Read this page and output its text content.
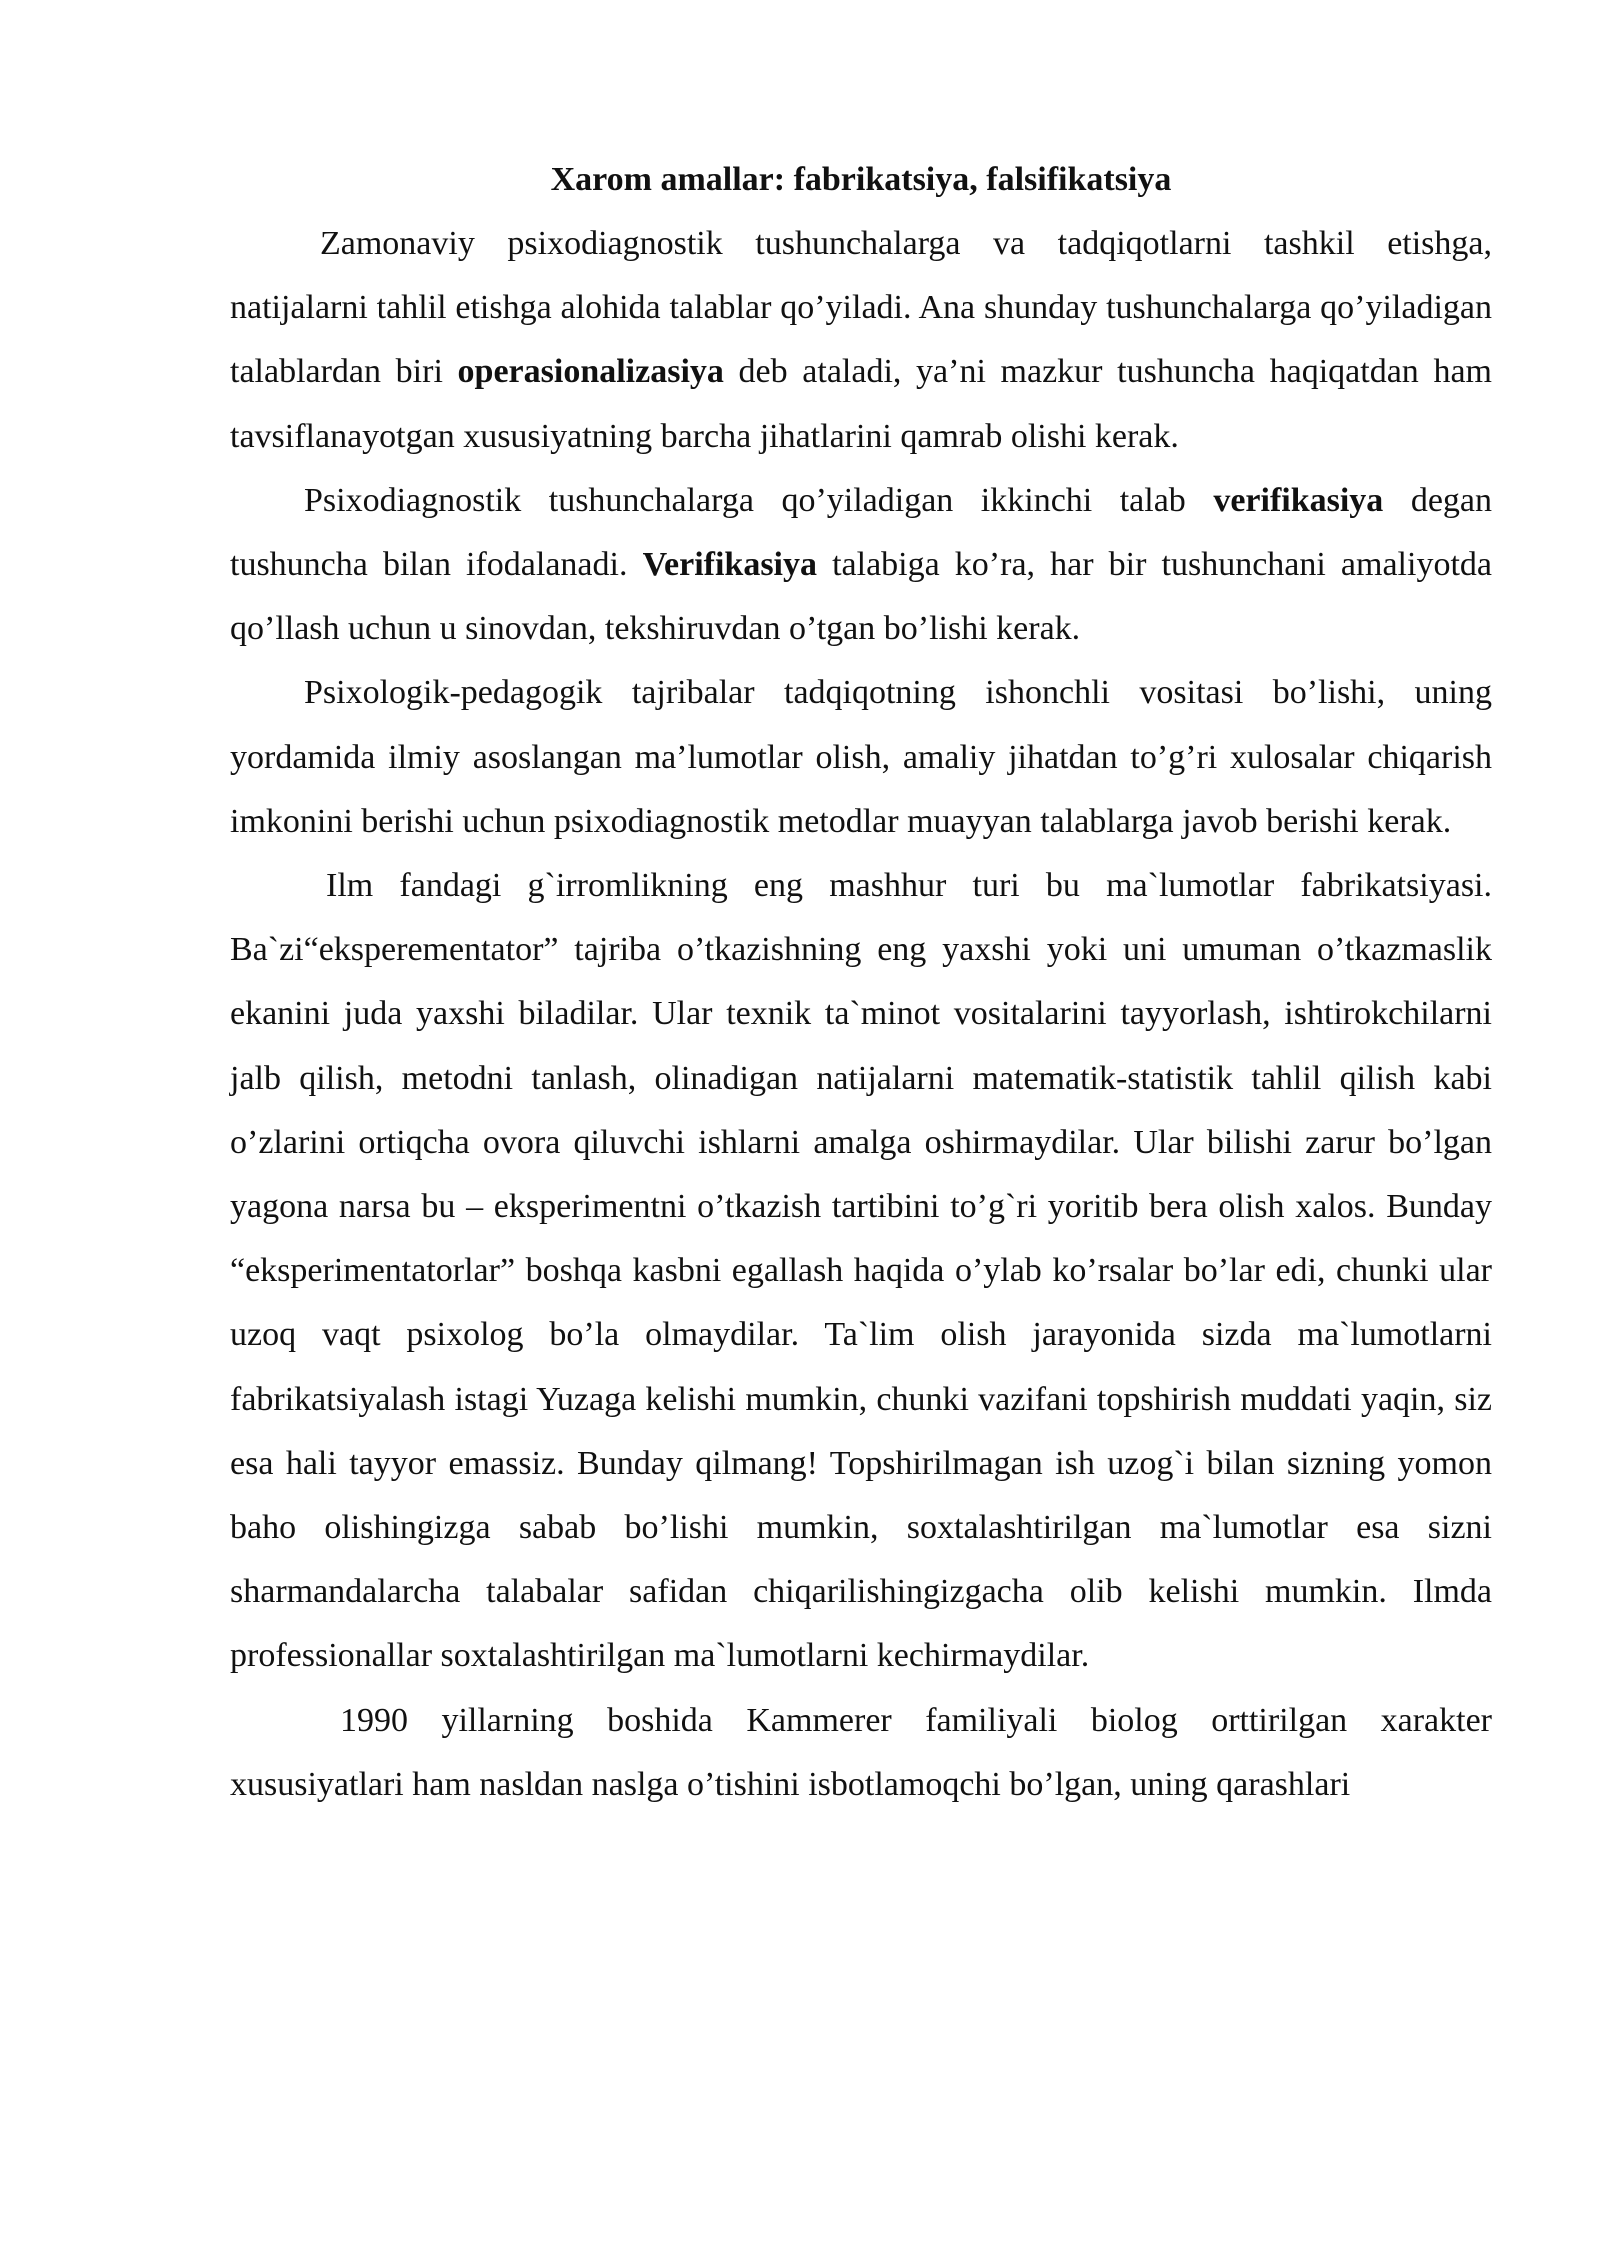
Xarom amallar: fabrikatsiya, falsifikatsiya

Zamonaviy psixodiagnostik tushunchalarga va tadqiqotlarni tashkil etishga, natijalarni tahlil etishga alohida talablar qo’yiladi. Ana shunday tushunchalarga qo’yiladigan talablardan biri operasionalizasiya deb ataladi, ya’ni mazkur tushuncha haqiqatdan ham tavsiflanayotgan xususiyatning barcha jihatlarini qamrab olishi kerak.

Psixodiagnostik tushunchalarga qo’yiladigan ikkinchi talab verifikasiya degan tushuncha bilan ifodalanadi. Verifikasiya talabiga ko’ra, har bir tushunchani amaliyotda qo’llash uchun u sinovdan, tekshiruvdan o’tgan bo’lishi kerak.

Psixologik-pedagogik tajribalar tadqiqotning ishonchli vositasi bo’lishi, uning yordamida ilmiy asoslangan ma’lumotlar olish, amaliy jihatdan to’g’ri xulosalar chiqarish imkonini berishi uchun psixodiagnostik metodlar muayyan talablarga javob berishi kerak.

Ilm fandagi g`irromlikning eng mashhur turi bu ma`lumotlar fabrikatsiyasi. Ba`zi“eksperementator” tajriba o’tkazishning eng yaxshi yoki uni umuman o’tkazmaslik ekanini juda yaxshi biladilar. Ular texnik ta`minot vositalarini tayyorlash, ishtirokchilarni jalb qilish, metodni tanlash, olinadigan natijalarni matematik-statistik tahlil qilish kabi o’zlarini ortiqcha ovora qiluvchi ishlarni amalga oshirmaydilar. Ular bilishi zarur bo’lgan yagona narsa bu – eksperimentni o’tkazish tartibini to’g`ri yoritib bera olish xalos. Bunday “eksperimentatorlar” boshqa kasbni egallash haqida o’ylab ko’rsalar bo’lar edi, chunki ular uzoq vaqt psixolog bo’la olmaydilar. Ta`lim olish jarayonida sizda ma`lumotlarni fabrikatsiyalash istagi Yuzaga kelishi mumkin, chunki vazifani topshirish muddati yaqin, siz esa hali tayyor emassiz. Bunday qilmang! Topshirilmagan ish uzog`i bilan sizning yomon baho olishingizga sabab bo’lishi mumkin, soxtalashtirilgan ma`lumotlar esa sizni sharmandalarcha talabalar safidan chiqarilishingizgacha olib kelishi mumkin. Ilmda professionallar soxtalashtirilgan ma`lumotlarni kechirmaydilar.

1990 yillarning boshida Kammerer familiyali biolog orttirilgan xarakter xususiyatlari ham nasldan naslga o’tishini isbotlamoqchi bo’lgan, uning qarashlari
